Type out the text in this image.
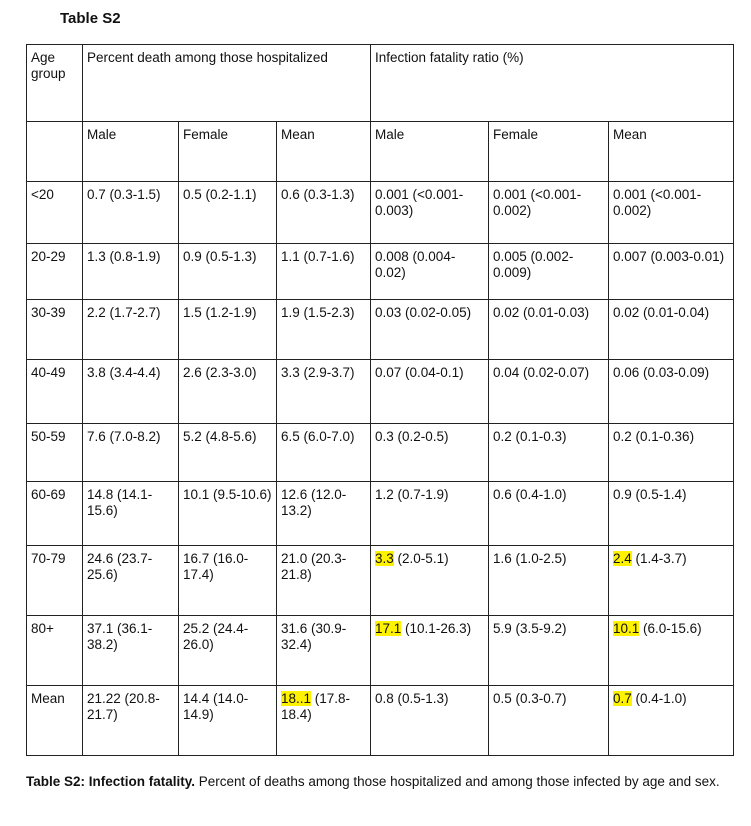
Table S2
Age group	Percent death among those hospitalized			Infection fatality ratio (%)		
	Male	Female	Mean	Male	Female	Mean
<20	0.7 (0.3-1.5)	0.5 (0.2-1.1)	0.6 (0.3-1.3)	0.001 (<0.001-0.003)	0.001 (<0.001-0.002)	0.001 (<0.001-0.002)
20-29	1.3 (0.8-1.9)	0.9 (0.5-1.3)	1.1 (0.7-1.6)	0.008 (0.004-0.02)	0.005 (0.002-0.009)	0.007 (0.003-0.01)
30-39	2.2 (1.7-2.7)	1.5 (1.2-1.9)	1.9 (1.5-2.3)	0.03 (0.02-0.05)	0.02 (0.01-0.03)	0.02 (0.01-0.04)
40-49	3.8 (3.4-4.4)	2.6 (2.3-3.0)	3.3 (2.9-3.7)	0.07 (0.04-0.1)	0.04 (0.02-0.07)	0.06 (0.03-0.09)
50-59	7.6 (7.0-8.2)	5.2 (4.8-5.6)	6.5 (6.0-7.0)	0.3 (0.2-0.5)	0.2 (0.1-0.3)	0.2 (0.1-0.36)
60-69	14.8 (14.1-15.6)	10.1 (9.5-10.6)	12.6 (12.0-13.2)	1.2 (0.7-1.9)	0.6 (0.4-1.0)	0.9 (0.5-1.4)
70-79	24.6 (23.7-25.6)	16.7 (16.0-17.4)	21.0 (20.3-21.8)	3.3 (2.0-5.1)	1.6 (1.0-2.5)	2.4 (1.4-3.7)
80+	37.1 (36.1-38.2)	25.2 (24.4-26.0)	31.6 (30.9-32.4)	17.1 (10.1-26.3)	5.9 (3.5-9.2)	10.1 (6.0-15.6)
Mean	21.22 (20.8-21.7)	14.4 (14.0-14.9)	18..1 (17.8-18.4)	0.8 (0.5-1.3)	0.5 (0.3-0.7)	0.7 (0.4-1.0)
Table S2: Infection fatality. Percent of deaths among those hospitalized and among those infected by age and sex.
